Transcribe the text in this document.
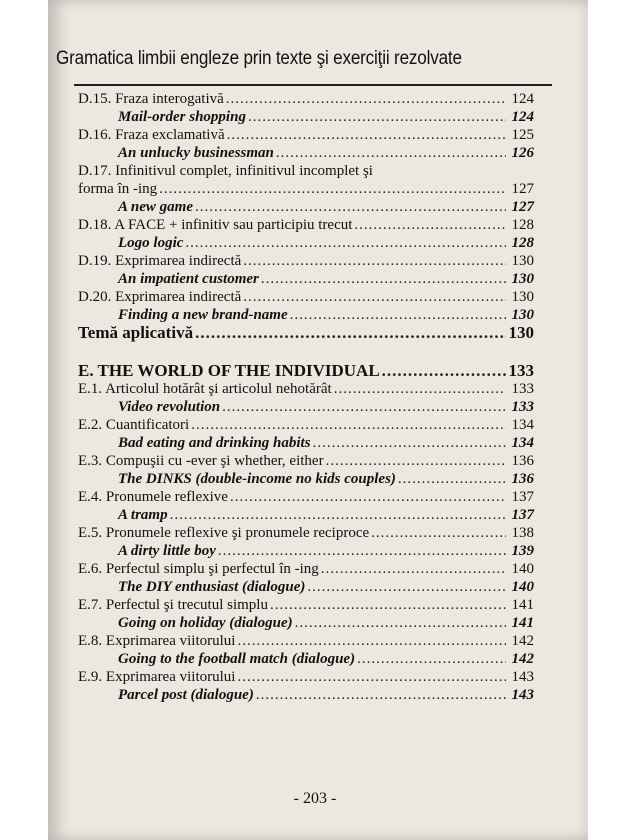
Gramatica limbii engleze prin texte şi exerciţii rezolvate
D.15. Fraza interogativă .....	124
Mail-order shopping .....	124
D.16. Fraza exclamativă .....	125
An unlucky businessman .....	126
D.17. Infinitivul complet, infinitivul incomplet şi
forma în -ing .....	127
A new game .....	127
D.18. A FACE + infinitiv sau participiu trecut .....	128
Logo logic .....	128
D.19. Exprimarea indirectă .....	130
An impatient customer .....	130
D.20. Exprimarea indirectă .....	130
Finding a new brand-name .....	130
Temă aplicativă .....	130
E. THE WORLD OF THE INDIVIDUAL .....	133
E.1. Articolul hotărât şi articolul nehotărât .....	133
Video revolution .....	133
E.2. Cuantificatori .....	134
Bad eating and drinking habits .....	134
E.3. Compuşii cu -ever şi whether, either .....	136
The DINKS (double-income no kids couples) .....	136
E.4. Pronumele reflexive .....	137
A tramp .....	137
E.5. Pronumele reflexive şi pronumele reciproce .....	138
A dirty little boy .....	139
E.6. Perfectul simplu şi perfectul în -ing .....	140
The DIY enthusiast (dialogue) .....	140
E.7. Perfectul şi trecutul simplu .....	141
Going on holiday (dialogue) .....	141
E.8. Exprimarea viitorului .....	142
Going to the football match (dialogue) .....	142
E.9. Exprimarea viitorului .....	143
Parcel post (dialogue) .....	143
- 203 -
